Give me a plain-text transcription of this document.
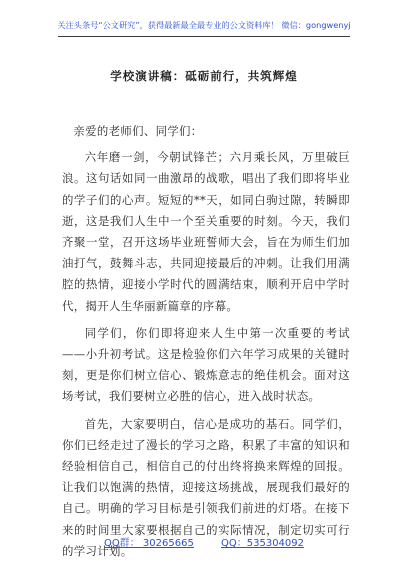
关注头条号“公文研究”，获得最新最全最专业的公文资料库！ 微信：gongwenyj
学校演讲稿：砥砺前行，共筑辉煌

亲爱的老师们、同学们：

六年磨一剑，今朝试锋芒；六月乘长风，万里破巨浪。这句话如同一曲激昂的战歌，唱出了我们即将毕业的学子们的心声。短短的**天，如同白驹过隙，转瞬即逝，这是我们人生中一个至关重要的时刻。今天，我们齐聚一堂，召开这场毕业班誓师大会，旨在为师生们加油打气，鼓舞斗志，共同迎接最后的冲刺。让我们用满腔的热情，迎接小学时代的圆满结束，顺利开启中学时代，揭开人生华丽新篇章的序幕。

同学们，你们即将迎来人生中第一次重要的考试——小升初考试。这是检验你们六年学习成果的关键时刻，更是你们树立信心、锻炼意志的绝佳机会。面对这场考试，我们要树立必胜的信心，进入战时状态。

首先，大家要明白，信心是成功的基石。同学们，你们已经走过了漫长的学习之路，积累了丰富的知识和经验相信自己，相信自己的付出终将换来辉煌的回报。让我们以饱满的热情，迎接这场挑战，展现我们最好的自己。明确的学习目标是引领我们前进的灯塔。在接下来的时间里大家要根据自己的实际情况，制定切实可行的学习计划。

QQ群： 30265665	QQ：535304092
